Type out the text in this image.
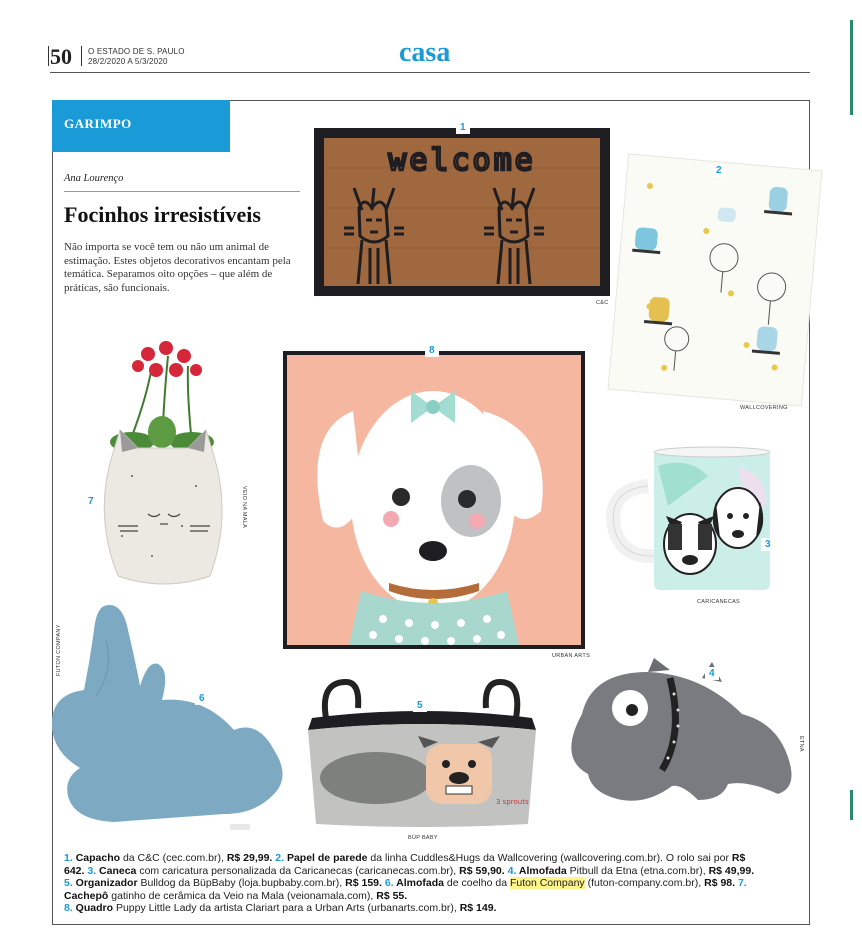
50 O ESTADO DE S. PAULO
28/2/2020 A 5/3/2020	casa
GARIMPO
Ana Lourenço
Focinhos irresistíveis
Não importa se você tem ou não um animal de estimação. Estes objetos decorativos encantam pela temática. Separamos oito opções – que além de práticas, são funcionais.
welcome
1
C&C
2
WALLCOVERING
7	VEIO NA MALA
8
URBAN ARTS
3
CARICANECAS
6
FUTON COMPANY
3 sprouts
5
BÜP BABY
4
ETNA
1. Capacho da C&C (cec.com.br), R$ 29,99. 2. Papel de parede da linha Cuddles&Hugs da Wallcovering (wallcovering.com.br). O rolo sai por R$ 642. 3. Caneca com caricatura personalizada da Caricanecas (caricanecas.com.br), R$ 59,90. 4. Almofada Pitbull da Etna (etna.com.br), R$ 49,99. 5. Organizador Bulldog da BüpBaby (loja.bupbaby.com.br), R$ 159. 6. Almofada de coelho da Futon Company (futon-company.com.br), R$ 98. 7. Cachepô gatinho de cerâmica da Veio na Mala (veionamala.com), R$ 55.
8. Quadro Puppy Little Lady da artista Clariart para a Urban Arts (urbanarts.com.br), R$ 149.
